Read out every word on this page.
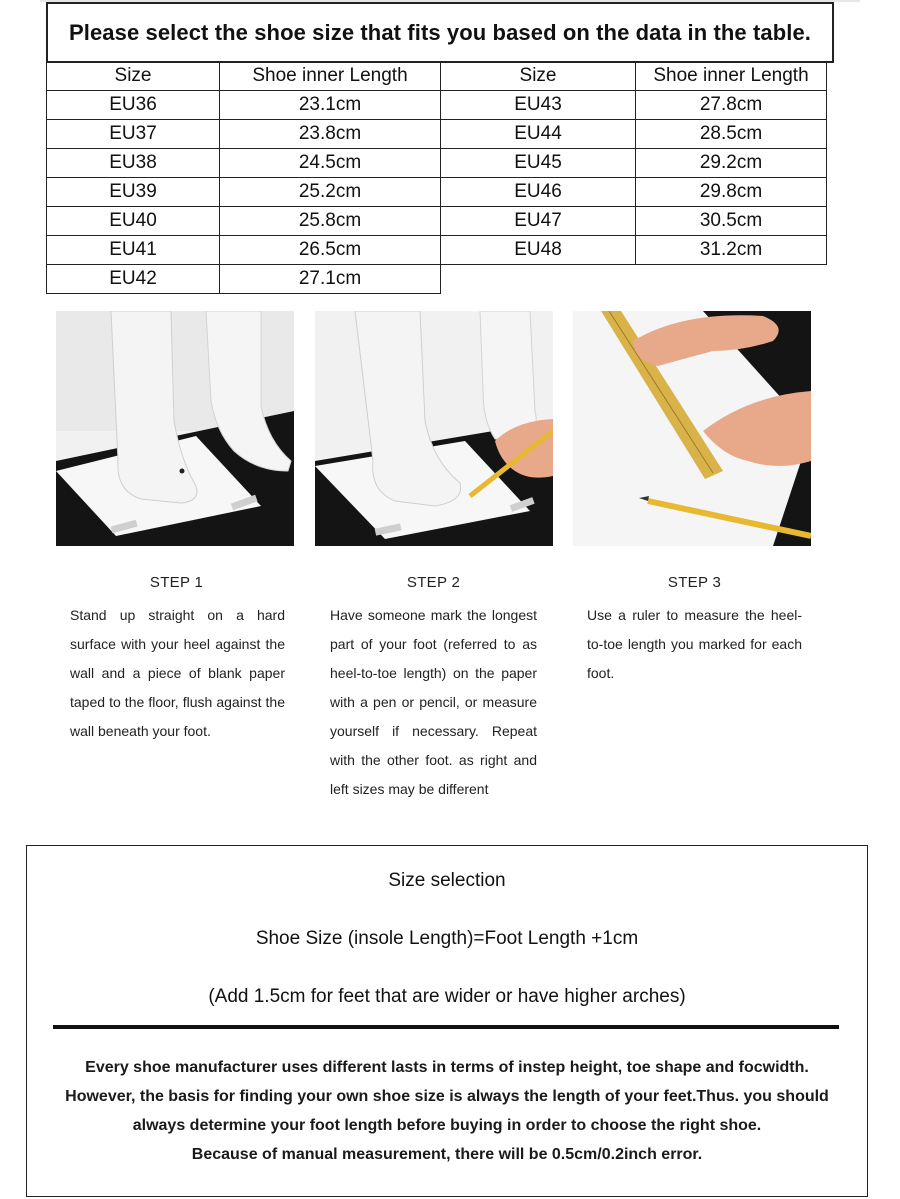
Please select the shoe size that fits you based on the data in the table.
Size	Shoe inner Length	Size	Shoe inner Length
EU36	23.1cm	EU43	27.8cm
EU37	23.8cm	EU44	28.5cm
EU38	24.5cm	EU45	29.2cm
EU39	25.2cm	EU46	29.8cm
EU40	25.8cm	EU47	30.5cm
EU41	26.5cm	EU48	31.2cm
EU42	27.1cm		
STEP 1
Stand up straight on a hard surface with your heel against the wall and a piece of blank paper taped to the floor, flush against the wall beneath your foot.
STEP 2
Have someone mark the longest part of your foot (referred to as heel-to-toe length) on the paper with a pen or pencil, or measure yourself if necessary. Repeat with the other foot. as right and left sizes may be different
STEP 3
Use a ruler to measure the heel-to-toe length you marked for each foot.
Size selection
Shoe Size (insole Length)=Foot Length +1cm
(Add 1.5cm for feet that are wider or have higher arches)
Every shoe manufacturer uses different lasts in terms of instep height, toe shape and focwidth.
However, the basis for finding your own shoe size is always the length of your feet.Thus. you should
always determine your foot length before buying in order to choose the right shoe.
Because of manual measurement, there will be 0.5cm/0.2inch error.
